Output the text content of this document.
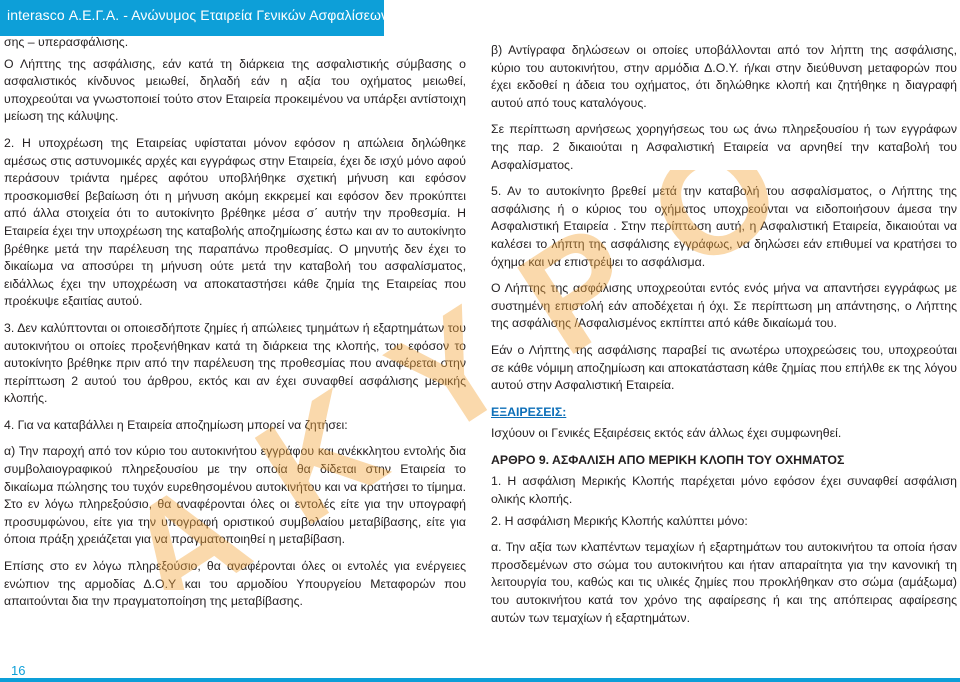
interasco Α.Ε.Γ.Α. - Ανώνυμος Εταιρεία Γενικών Ασφαλίσεων

σης – υπερασφάλισης.

Ο Λήπτης της ασφάλισης, εάν κατά τη διάρκεια της ασφαλιστικής σύμβασης ο ασφαλιστικός κίνδυνος μειωθεί, δηλαδή εάν η αξία του οχήματος μειωθεί, υποχρεούται να γνωστοποιεί τούτο στον Εταιρεία προκειμένου να υπάρξει αντίστοιχη μείωση της κάλυψης.

2. Η υποχρέωση της Εταιρείας υφίσταται μόνον εφόσον η απώλεια δηλώθηκε αμέσως στις αστυνομικές αρχές και εγγράφως στην Εταιρεία, έχει δε ισχύ μόνο αφού περάσουν τριάντα ημέρες αφότου υποβλήθηκε σχετική μήνυση και εφόσον προσκομισθεί βεβαίωση ότι η μήνυση ακόμη εκκρεμεί και εφόσον δεν προκύπτει από άλλα στοιχεία ότι το αυτοκίνητο βρέθηκε μέσα σ΄ αυτήν την προθεσμία. Η Εταιρεία έχει την υποχρέωση της καταβολής αποζημίωσης έστω και αν το αυτοκίνητο βρέθηκε μετά την παρέλευση της παραπάνω προθεσμίας. Ο μηνυτής δεν έχει το δικαίωμα να αποσύρει τη μήνυση ούτε μετά την καταβολή του ασφαλίσματος, ειδάλλως έχει την υποχρέωση να αποκαταστήσει κάθε ζημία της Εταιρείας που προέκυψε εξαιτίας αυτού.

3. Δεν καλύπτονται οι οποιεσδήποτε ζημίες ή απώλειες τμημάτων ή εξαρτημάτων του αυτοκινήτου οι οποίες προξενήθηκαν κατά τη διάρκεια της κλοπής, του εφόσον το αυτοκίνητο βρέθηκε πριν από την παρέλευση της προθεσμίας που αναφέρεται στην περίπτωση 2 αυτού του άρθρου, εκτός και αν έχει συναφθεί ασφάλισης μερικής κλοπής.

4. Για να καταβάλλει η Εταιρεία αποζημίωση μπορεί να ζητήσει:

α) Την παροχή από τον κύριο του αυτοκινήτου εγγράφου και ανέκκλητου εντολής δια συμβολαιογραφικού πληρεξουσίου με την οποία θα δίδεται στην Εταιρεία το δικαίωμα πώλησης του τυχόν ευρεθησομένου αυτοκινήτου και να κρατήσει το τίμημα. Στο εν λόγω πληρεξούσιο, θα αναφέρονται όλες οι εντολές είτε για την υπογραφή προσυμφώνου, είτε για την υπογραφή οριστικού συμβολαίου μεταβίβασης, είτε για όποια πράξη χρειάζεται για να πραγματοποιηθεί η μεταβίβαση.

Επίσης στο εν λόγω πληρεξούσιο, θα αναφέρονται όλες οι εντολές για ενέργειες ενώπιον της αρμοδίας Δ.Ο.Υ και του αρμοδίου Υπουργείου Μεταφορών που απαιτούνται δια την πραγματοποίηση της μεταβίβασης.

β) Αντίγραφα δηλώσεων οι οποίες υποβάλλονται από τον λήπτη της ασφάλισης, κύριο του αυτοκινήτου, στην αρμόδια Δ.Ο.Υ. ή/και στην διεύθυνση μεταφορών που έχει εκδοθεί η άδεια του οχήματος, ότι δηλώθηκε κλοπή και ζητήθηκε η διαγραφή αυτού από τους καταλόγους.

Σε περίπτωση αρνήσεως χορηγήσεως του ως άνω πληρεξουσίου ή των εγγράφων της παρ. 2 δικαιούται η Ασφαλιστική Εταιρεία να αρνηθεί την καταβολή του Ασφαλίσματος.

5. Αν το αυτοκίνητο βρεθεί μετά την καταβολή του ασφαλίσματος, ο Λήπτης της ασφάλισης ή ο κύριος του οχήματος υποχρεούνται να ειδοποιήσουν άμεσα την Ασφαλιστική Εταιρεία . Στην περίπτωση αυτή, η Ασφαλιστική Εταιρεία, δικαιούται να καλέσει το λήπτη της ασφάλισης εγγράφως, να δηλώσει εάν επιθυμεί να κρατήσει το όχημα και να επιστρέψει το ασφάλισμα.

Ο Λήπτης της ασφάλισης υποχρεούται εντός ενός μήνα να απαντήσει εγγράφως με συστημένη επιστολή εάν αποδέχεται ή όχι. Σε περίπτωση μη απάντησης, ο Λήπτης της ασφάλισης /Ασφαλισμένος εκπίπτει από κάθε δικαίωμά του.

Εάν ο Λήπτης της ασφάλισης παραβεί τις ανωτέρω υποχρεώσεις του, υποχρεούται σε κάθε νόμιμη αποζημίωση και αποκατάσταση κάθε ζημίας που επήλθε εκ της λόγου αυτού στην Ασφαλιστική Εταιρεία.

ΕΞΑΙΡΕΣΕΙΣ:

Ισχύουν οι Γενικές Εξαιρέσεις εκτός εάν άλλως έχει συμφωνηθεί.

ΑΡΘΡΟ 9. ΑΣΦΑΛΙΣΗ ΑΠΟ ΜΕΡΙΚΗ ΚΛΟΠΗ ΤΟΥ ΟΧΗΜΑΤΟΣ

1. Η ασφάλιση Μερικής Κλοπής παρέχεται μόνο εφόσον έχει συναφθεί ασφάλιση ολικής κλοπής.

2. Η ασφάλιση Μερικής Κλοπής καλύπτει μόνο:

α. Την αξία των κλαπέντων τεμαχίων ή εξαρτημάτων του αυτοκινήτου τα οποία ήσαν προσδεμένων στο σώμα του αυτοκινήτου και ήταν απαραίτητα για την κανονική τη λειτουργία του, καθώς και τις υλικές ζημίες που προκλήθηκαν στο σώμα (αμάξωμα) του αυτοκινήτου κατά τον χρόνο της αφαίρεσης ή και της απόπειρας αφαίρεσης αυτών των τεμαχίων ή εξαρτημάτων.

Α Κ Υ Ρ Ο
16
